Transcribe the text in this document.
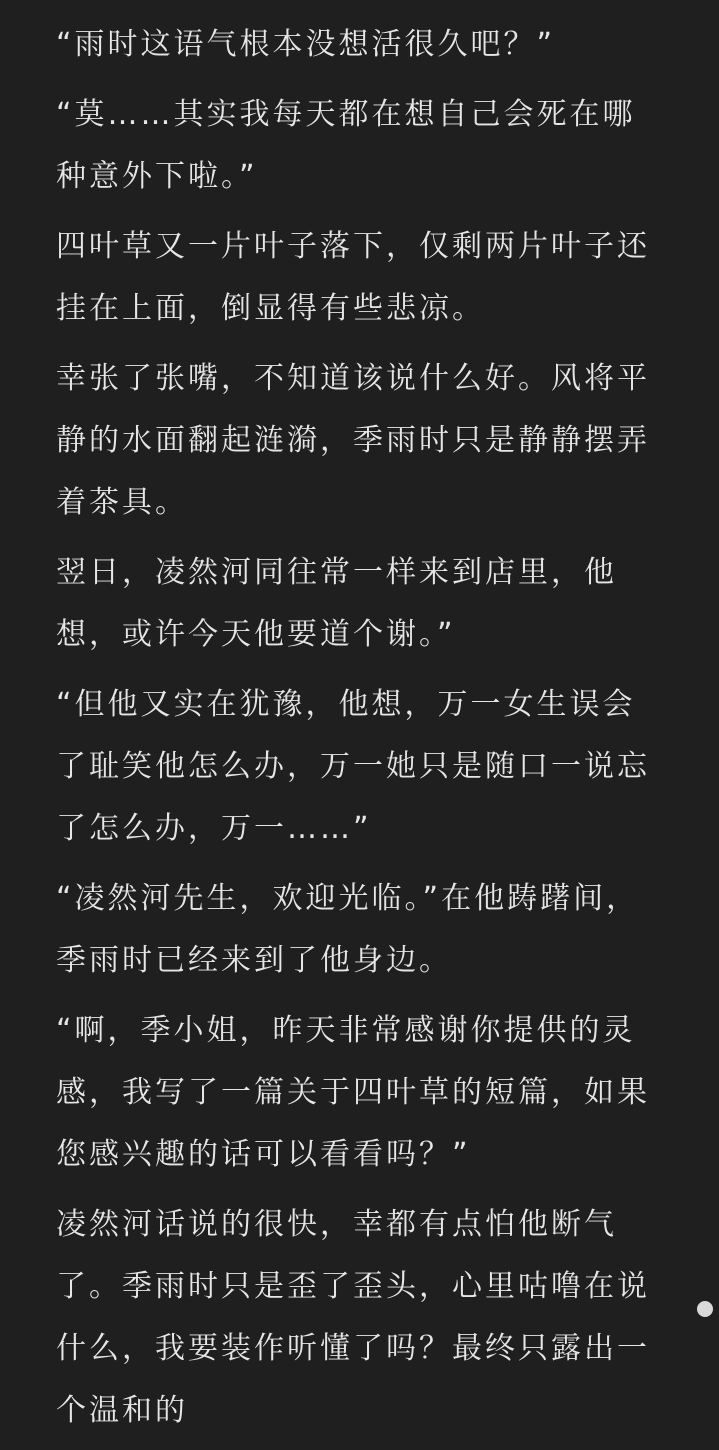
“雨时这语气根本没想活很久吧？”

“莫……其实我每天都在想自己会死在哪种意外下啦。”

四叶草又一片叶子落下，仅剩两片叶子还挂在上面，倒显得有些悲凉。

幸张了张嘴，不知道该说什么好。风将平静的水面翻起涟漪，季雨时只是静静摆弄着茶具。

翌日，凌然河同往常一样来到店里，他想，或许今天他要道个谢。”

“但他又实在犹豫，他想，万一女生误会了耻笑他怎么办，万一她只是随口一说忘了怎么办，万一……”

“凌然河先生，欢迎光临。”在他踌躇间，季雨时已经来到了他身边。

“啊，季小姐，昨天非常感谢你提供的灵感，我写了一篇关于四叶草的短篇，如果您感兴趣的话可以看看吗？”

凌然河话说的很快，幸都有点怕他断气了。季雨时只是歪了歪头，心里咕噜在说什么，我要装作听懂了吗？最终只露出一个温和的
